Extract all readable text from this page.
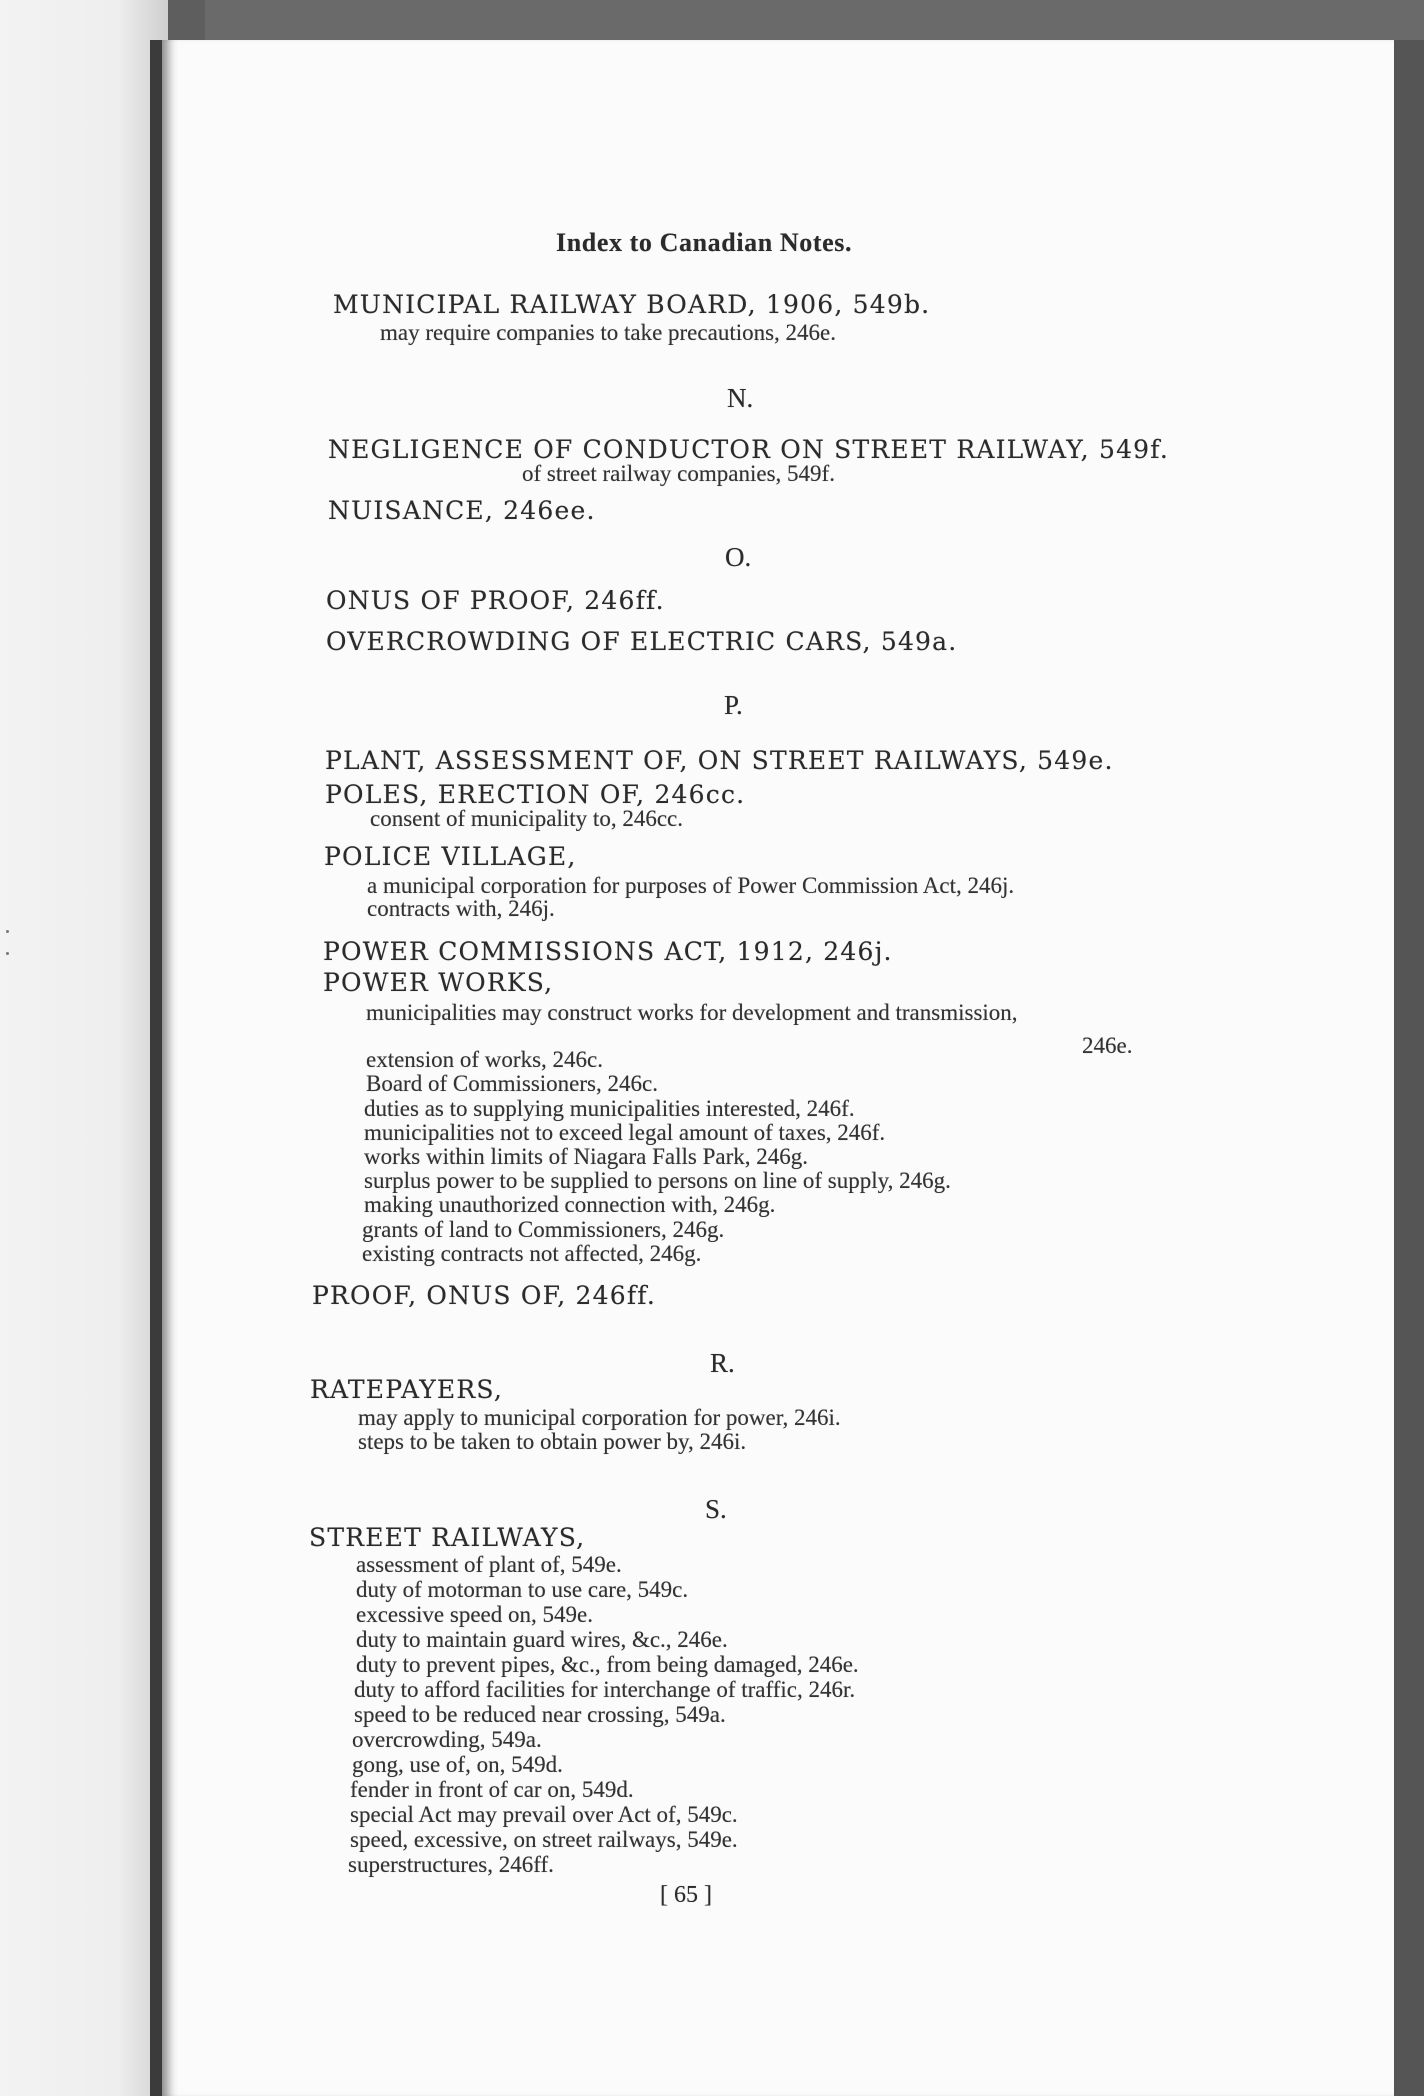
Index to Canadian Notes.
MUNICIPAL RAILWAY BOARD, 1906, 549b.
may require companies to take precautions, 246e.
N.
NEGLIGENCE OF CONDUCTOR ON STREET RAILWAY, 549f.
of street railway companies, 549f.
NUISANCE, 246ee.
O.
ONUS OF PROOF, 246ff.
OVERCROWDING OF ELECTRIC CARS, 549a.
P.
PLANT, ASSESSMENT OF, ON STREET RAILWAYS, 549e.
POLES, ERECTION OF, 246cc.
consent of municipality to, 246cc.
POLICE VILLAGE,
a municipal corporation for purposes of Power Commission Act, 246j.
contracts with, 246j.
POWER COMMISSIONS ACT, 1912, 246j.
POWER WORKS,
municipalities may construct works for development and transmission,
246e.
extension of works, 246c.
Board of Commissioners, 246c.
duties as to supplying municipalities interested, 246f.
municipalities not to exceed legal amount of taxes, 246f.
works within limits of Niagara Falls Park, 246g.
surplus power to be supplied to persons on line of supply, 246g.
making unauthorized connection with, 246g.
grants of land to Commissioners, 246g.
existing contracts not affected, 246g.
PROOF, ONUS OF, 246ff.
R.
RATEPAYERS,
may apply to municipal corporation for power, 246i.
steps to be taken to obtain power by, 246i.
S.
STREET RAILWAYS,
assessment of plant of, 549e.
duty of motorman to use care, 549c.
excessive speed on, 549e.
duty to maintain guard wires, &c., 246e.
duty to prevent pipes, &c., from being damaged, 246e.
duty to afford facilities for interchange of traffic, 246r.
speed to be reduced near crossing, 549a.
overcrowding, 549a.
gong, use of, on, 549d.
fender in front of car on, 549d.
special Act may prevail over Act of, 549c.
speed, excessive, on street railways, 549e.
superstructures, 246ff.
[ 65 ]
